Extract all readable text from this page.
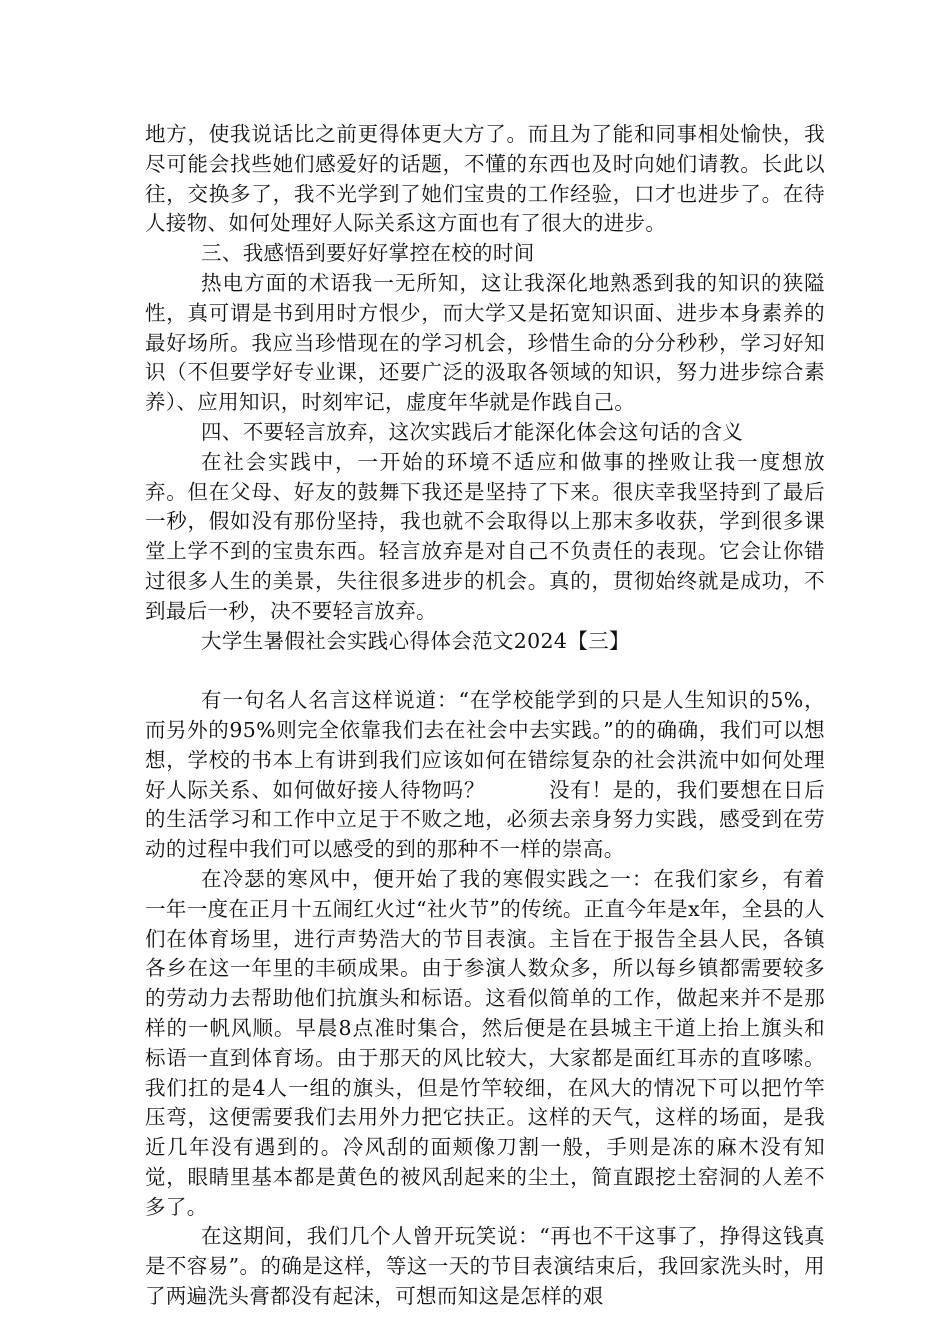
地方，使我说话比之前更得体更大方了。而且为了能和同事相处愉快，我尽可能会找些她们感爱好的话题，不懂的东西也及时向她们请教。长此以往，交换多了，我不光学到了她们宝贵的工作经验，口才也进步了。在待人接物、如何处理好人际关系这方面也有了很大的进步。

三、我感悟到要好好掌控在校的时间

热电方面的术语我一无所知，这让我深化地熟悉到我的知识的狭隘性，真可谓是书到用时方恨少，而大学又是拓宽知识面、进步本身素养的最好场所。我应当珍惜现在的学习机会，珍惜生命的分分秒秒，学习好知识（不但要学好专业课，还要广泛的汲取各领域的知识，努力进步综合素养）、应用知识，时刻牢记，虚度年华就是作践自己。

四、不要轻言放弃，这次实践后才能深化体会这句话的含义

在社会实践中，一开始的环境不适应和做事的挫败让我一度想放弃。但在父母、好友的鼓舞下我还是坚持了下来。很庆幸我坚持到了最后一秒，假如没有那份坚持，我也就不会取得以上那末多收获，学到很多课堂上学不到的宝贵东西。轻言放弃是对自己不负责任的表现。它会让你错过很多人生的美景，失往很多进步的机会。真的，贯彻始终就是成功，不到最后一秒，决不要轻言放弃。

大学生暑假社会实践心得体会范文2024【三】

有一句名人名言这样说道：“在学校能学到的只是人生知识的5%，而另外的95%则完全依靠我们去在社会中去实践。”的的确确，我们可以想想，学校的书本上有讲到我们应该如何在错综复杂的社会洪流中如何处理好人际关系、如何做好接人待物吗？　　　没有！是的，我们要想在日后的生活学习和工作中立足于不败之地，必须去亲身努力实践，感受到在劳动的过程中我们可以感受的到的那种不一样的崇高。

在冷瑟的寒风中，便开始了我的寒假实践之一：在我们家乡，有着一年一度在正月十五闹红火过“社火节”的传统。正直今年是x年，全县的人们在体育场里，进行声势浩大的节目表演。主旨在于报告全县人民，各镇各乡在这一年里的丰硕成果。由于参演人数众多，所以每乡镇都需要较多的劳动力去帮助他们抗旗头和标语。这看似简单的工作，做起来并不是那样的一帆风顺。早晨8点准时集合，然后便是在县城主干道上抬上旗头和标语一直到体育场。由于那天的风比较大，大家都是面红耳赤的直哆嗦。我们扛的是4人一组的旗头，但是竹竿较细，在风大的情况下可以把竹竿压弯，这便需要我们去用外力把它扶正。这样的天气，这样的场面，是我近几年没有遇到的。冷风刮的面颊像刀割一般，手则是冻的麻木没有知觉，眼睛里基本都是黄色的被风刮起来的尘土，简直跟挖土窑洞的人差不多了。

在这期间，我们几个人曾开玩笑说：“再也不干这事了，挣得这钱真是不容易”。的确是这样，等这一天的节目表演结束后，我回家洗头时，用了两遍洗头膏都没有起沫，可想而知这是怎样的艰
